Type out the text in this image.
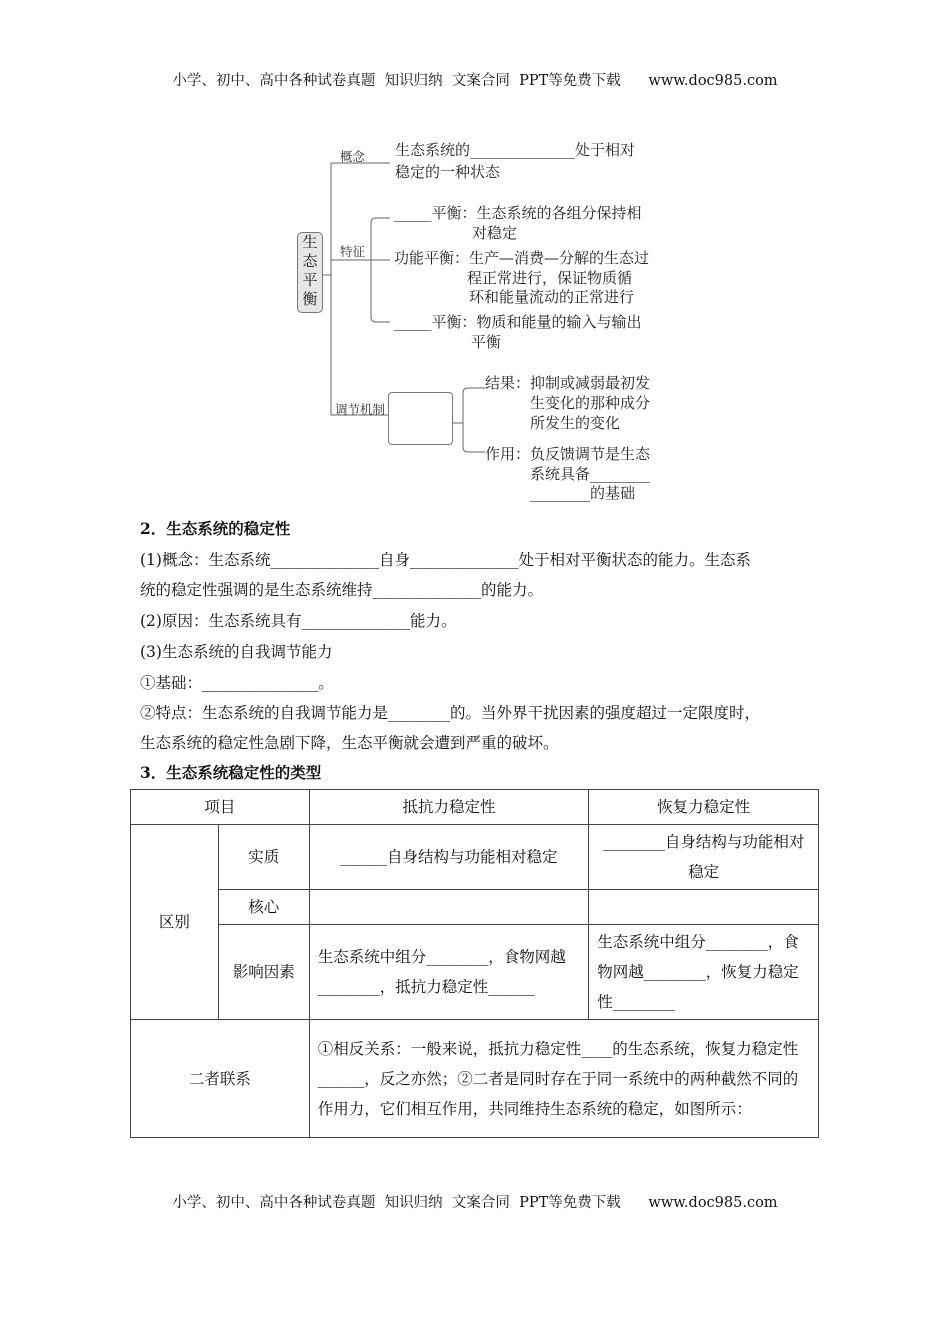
小学、初中、高中各种试卷真题  知识归纳  文案合同  PPT等免费下载      www.doc985.com
生态平衡
概念 生态系统的______________处于相对
稳定的一种状态
特征
_____平衡：生态系统的各组分保持相
对稳定
功能平衡：生产—消费—分解的生态过
程正常进行，保证物质循
环和能量流动的正常进行
_____平衡：物质和能量的输入与输出
平衡
调节机制
结果：抑制或减弱最初发
生变化的那种成分
所发生的变化
作用：负反馈调节是生态
系统具备________
________的基础
2．生态系统的稳定性
(1)概念：生态系统______________自身______________处于相对平衡状态的能力。生态系
统的稳定性强调的是生态系统维持______________的能力。
(2)原因：生态系统具有______________能力。
(3)生态系统的自我调节能力
①基础：_______________。
②特点：生态系统的自我调节能力是________的。当外界干扰因素的强度超过一定限度时，
生态系统的稳定性急剧下降，生态平衡就会遭到严重的破坏。
3．生态系统稳定性的类型
项目		抵抗力稳定性	恢复力稳定性
区别	实质	______自身结构与功能相对稳定	________自身结构与功能相对稳定
	核心		
	影响因素	生态系统中组分________，食物网越________，抵抗力稳定性______	生态系统中组分________，食物网越________，恢复力稳定性________
二者联系		①相反关系：一般来说，抵抗力稳定性____的生态系统，恢复力稳定性______，反之亦然；②二者是同时存在于同一系统中的两种截然不同的作用力，它们相互作用，共同维持生态系统的稳定，如图所示：	
小学、初中、高中各种试卷真题  知识归纳  文案合同  PPT等免费下载      www.doc985.com
